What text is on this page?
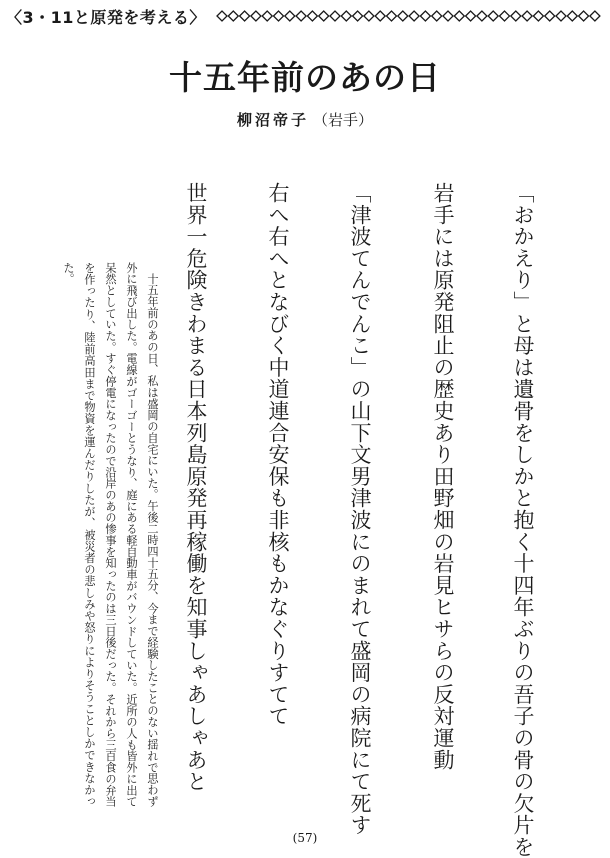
〈3・11と原発を考える〉
十五年前のあの日
柳沼帝子 （岩手）
「おかえり」と母は遺骨をしかと抱く十四年ぶりの吾子の骨の欠片を
岩手には原発阻止の歴史あり田野畑の岩見ヒサらの反対運動
「津波てんでんこ」の山下文男津波にのまれて盛岡の病院にて死す
右へ右へとなびく中道連合安保も非核もかなぐりすてて
世界一危険きわまる日本列島原発再稼働を知事しゃあしゃあと
十五年前のあの日、私は盛岡の自宅にいた。午後二時四十五分、今まで経験したことのない揺れで思わず外に飛び出した。電線がゴーゴーとうなり、庭にある軽自動車がバウンドしていた。近所の人も皆外に出て呆然としていた。すぐ停電になったので沿岸のあの惨事を知ったのは三日後だった。それから三百食の弁当を作ったり、陸前高田まで物資を運んだりしたが、被災者の悲しみや怒りによりそうことしかできなかった。
(57)
